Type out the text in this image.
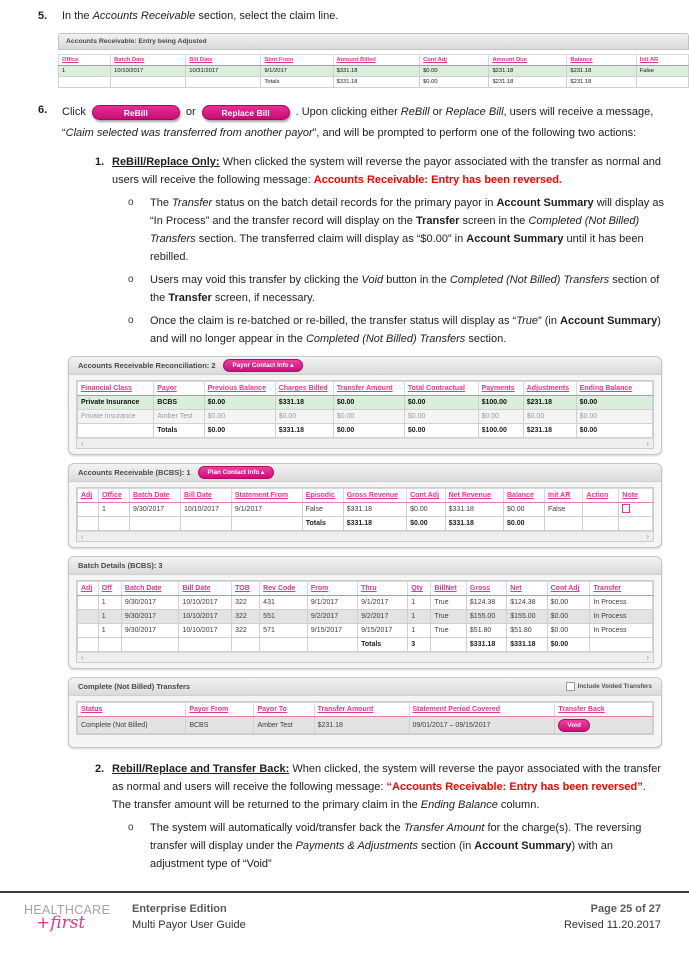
5.	In the Accounts Receivable section, select the claim line.
Accounts Receivable: Entry being Adjusted
Office	Batch Date	Bill Date	Stmt From	Amount Billed	Cont Adj	Amount Due	Balance	Init AR
1	10/10/2017	10/31/2017	9/1/2017	$331.18	$0.00	$231.18	$231.18	False
			Totals	$331.18	$0.00	$231.18	$231.18	
6.	Click	ReBill	or	Replace Bill . Upon clicking either ReBill or Replace Bill, users will receive a message, “Claim selected was transferred from another payor”, and will be prompted to perform one of the following two actions:
1. ReBill/Replace Only: When clicked the system will reverse the payor associated with the transfer as normal and users will receive the following message: Accounts Receivable: Entry has been reversed.
o	The Transfer status on the batch detail records for the primary payor in Account Summary will display as “In Process” and the transfer record will display on the Transfer screen in the Completed (Not Billed) Transfers section. The transferred claim will display as “$0.00” in Account Summary until it has been rebilled.
o	Users may void this transfer by clicking the Void button in the Completed (Not Billed) Transfers section of the Transfer screen, if necessary.
o	Once the claim is re-batched or re-billed, the transfer status will display as “True” (in Account Summary) and will no longer appear in the Completed (Not Billed) Transfers section.
Accounts Receivable Reconciliation: 2	Payor Contact Info ▴
Financial Class	Payor	Previous Balance	Charges Billed	Transfer Amount	Total Contractual	Payments	Adjustments	Ending Balance
Private Insurance	BCBS	$0.00	$331.18	$0.00	$0.00	$100.00	$231.18	$0.00
Private Insurance	Amber Test	$0.00	$0.00	$0.00	$0.00	$0.00	$0.00	$0.00
	Totals	$0.00	$331.18	$0.00	$0.00	$100.00	$231.18	$0.00
‹	›
Accounts Receivable (BCBS): 1	Plan Contact Info ▴
Adj	Office	Batch Date	Bill Date	Statement From	Episodic	Gross Revenue	Cont Adj	Net Revenue	Balance	Init AR	Action	Note
	1	9/30/2017	10/10/2017	9/1/2017	False	$331.18	$0.00	$331.18	$0.00	False		
					Totals	$331.18	$0.00	$331.18	$0.00			
‹	›
Batch Details (BCBS): 3
Adj	Off	Batch Date	Bill Date	TOB	Rev Code	From	Thru	Qty	BillNet	Gross	Net	Cont Adj	Transfer
	1	9/30/2017	10/10/2017	322	431	9/1/2017	9/1/2017	1	True	$124.38	$124.38	$0.00	In Process
	1	9/30/2017	10/10/2017	322	551	9/2/2017	9/2/2017	1	True	$155.00	$155.00	$0.00	In Process
	1	9/30/2017	10/10/2017	322	571	9/15/2017	9/15/2017	1	True	$51.80	$51.80	$0.00	In Process
							Totals	3		$331.18	$331.18	$0.00	
‹	›
Complete (Not Billed) Transfers	Include Voided Transfers
Status	Payor From	Payor To	Transfer Amount	Statement Period Covered	Transfer Back
Complete (Not Billed)	BCBS	Amber Test	$231.18	09/01/2017 – 09/15/2017	Void
2. Rebill/Replace and Transfer Back: When clicked, the system will reverse the payor associated with the transfer as normal and users will receive the following message: “Accounts Receivable: Entry has been reversed”. The transfer amount will be returned to the primary claim in the Ending Balance column.
o	The system will automatically void/transfer back the Transfer Amount for the charge(s). The reversing transfer will display under the Payments & Adjustments section (in Account Summary) with an adjustment type of “Void”
HEALTHCARE
+first
Enterprise Edition
Multi Payor User Guide
Page 25 of 27
Revised 11.20.2017
